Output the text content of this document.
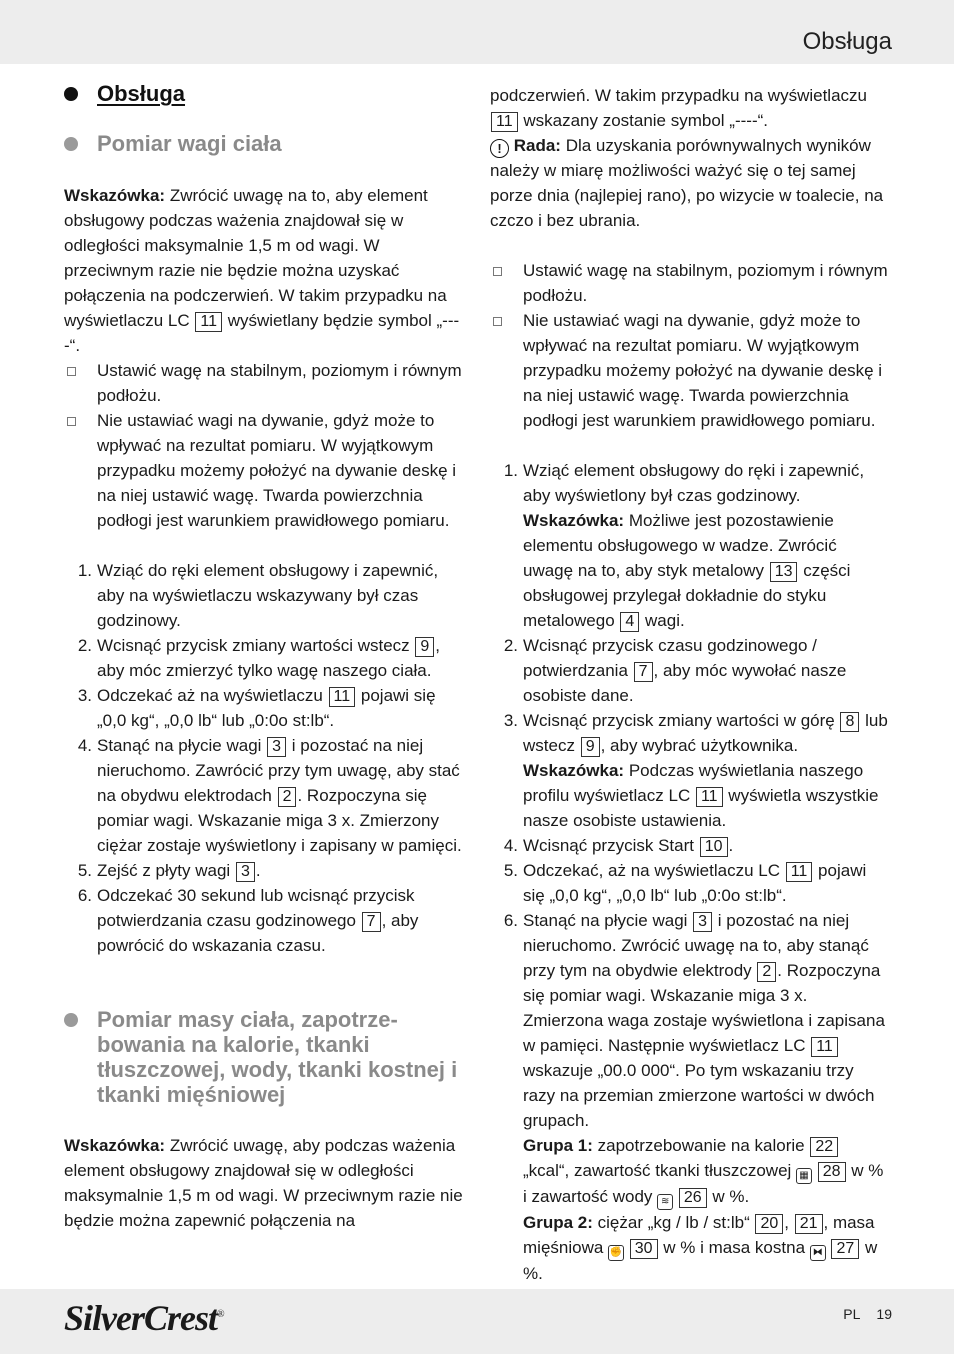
Obsługa
Obsługa
Pomiar wagi ciała
Wskazówka: Zwrócić uwagę na to, aby element obsługowy podczas ważenia znajdował się w odległości maksymalnie 1,5 m od wagi. W przeciwnym razie nie będzie można uzyskać połączenia na podczerwień. W takim przypadku na wyświetlaczu LC 11 wyświetlany będzie symbol „----“.
Ustawić wagę na stabilnym, poziomym i równym podłożu.
Nie ustawiać wagi na dywanie, gdyż może to wpływać na rezultat pomiaru. W wyjątkowym przypadku możemy położyć na dywanie deskę i na niej ustawić wagę. Twarda powierzchnia podłogi jest warunkiem prawidłowego pomiaru.
1. Wziąć do ręki element obsługowy i zapewnić, aby na wyświetlaczu wskazywany był czas godzinowy.
2. Wcisnąć przycisk zmiany wartości wstecz 9 , aby móc zmierzyć tylko wagę naszego ciała.
3. Odczekać aż na wyświetlaczu 11 pojawi się „0,0 kg“, „0,0 lb“ lub „0:0o st:lb“.
4. Stanąć na płycie wagi 3 i pozostać na niej nieruchomo. Zawrócić przy tym uwagę, aby stać na obydwu elektrodach 2 . Rozpoczyna się pomiar wagi. Wskazanie miga 3 x. Zmierzony ciężar zostaje wyświetlony i zapisany w pamięci.
5. Zejść z płyty wagi 3 .
6. Odczekać 30 sekund lub wcisnąć przycisk potwierdzania czasu godzinowego 7 , aby powrócić do wskazania czasu.
Pomiar masy ciała, zapotrze-bowania na kalorie, tkanki tłuszczowej, wody, tkanki kostnej i tkanki mięśniowej
Wskazówka: Zwrócić uwagę, aby podczas ważenia element obsługowy znajdował się w odległości maksymalnie 1,5 m od wagi. W przeciwnym razie nie będzie można zapewnić połączenia na
podczerwień. W takim przypadku na wyświetlaczu 11 wskazany zostanie symbol „----“.
! Rada: Dla uzyskania porównywalnych wyników należy w miarę możliwości ważyć się o tej samej porze dnia (najlepiej rano), po wizycie w toalecie, na czczo i bez ubrania.
Ustawić wagę na stabilnym, poziomym i równym podłożu.
Nie ustawiać wagi na dywanie, gdyż może to wpływać na rezultat pomiaru. W wyjątkowym przypadku możemy położyć na dywanie deskę i na niej ustawić wagę. Twarda powierzchnia podłogi jest warunkiem prawidłowego pomiaru.
1. Wziąć element obsługowy do ręki i zapewnić, aby wyświetlony był czas godzinowy.
Wskazówka: Możliwe jest pozostawienie elementu obsługowego w wadze. Zwrócić uwagę na to, aby styk metalowy 13 części obsługowej przylegał dokładnie do styku metalowego 4 wagi.
2. Wcisnąć przycisk czasu godzinowego / potwierdzania 7 , aby móc wywołać nasze osobiste dane.
3. Wcisnąć przycisk zmiany wartości w górę 8 lub wstecz 9 , aby wybrać użytkownika.
Wskazówka: Podczas wyświetlania naszego profilu wyświetlacz LC 11 wyświetla wszystkie nasze osobiste ustawienia.
4. Wcisnąć przycisk Start 10 .
5. Odczekać, aż na wyświetlaczu LC 11 pojawi się „0,0 kg“, „0,0 lb“ lub „0:0o st:lb“.
6. Stanąć na płycie wagi 3 i pozostać na niej nieruchomo. Zwrócić uwagę na to, aby stanąć przy tym na obydwie elektrody 2 . Rozpoczyna się pomiar wagi. Wskazanie miga 3 x. Zmierzona waga zostaje wyświetlona i zapisana w pamięci. Następnie wyświetlacz LC 11 wskazuje „00.0 000“. Po tym wskazaniu trzy razy na przemian zmierzone wartości w dwóch grupach.
Grupa 1: zapotrzebowanie na kalorie 22 „kcal“, zawartość tkanki tłuszczowej ▦ 28 w % i zawartość wody ≋ 26 w %.
Grupa 2: ciężar „kg / lb / st:lb“ 20 , 21 , masa mięśniowa ✊ 30 w % i masa kostna ⧓ 27 w %.
SilverCrest®	PL 19
